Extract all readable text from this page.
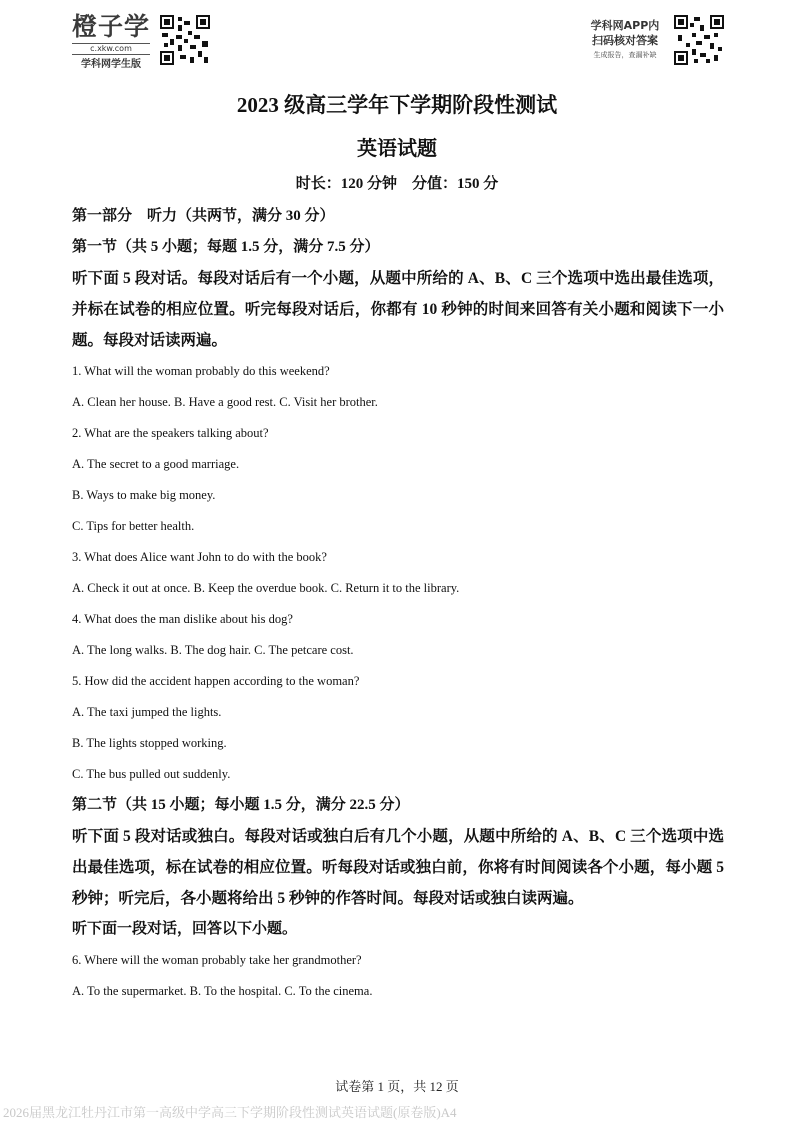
橙子学
c.xkw.com
学科网学生版
学科网APP内
扫码核对答案
生成报告，查漏补缺
2023 级高三学年下学期阶段性测试
英语试题
时长：120 分钟　分值：150 分
第一部分　听力（共两节，满分 30 分）
第一节（共 5 小题；每题 1.5 分，满分 7.5 分）
听下面 5 段对话。每段对话后有一个小题，从题中所给的 A、B、C 三个选项中选出最佳选项，并标在试卷的相应位置。听完每段对话后，你都有 10 秒钟的时间来回答有关小题和阅读下一小题。每段对话读两遍。
1. What will the woman probably do this weekend?
A. Clean her house. B. Have a good rest. C. Visit her brother.
2. What are the speakers talking about?
A. The secret to a good marriage.
B. Ways to make big money.
C. Tips for better health.
3. What does Alice want John to do with the book?
A. Check it out at once. B. Keep the overdue book. C. Return it to the library.
4. What does the man dislike about his dog?
A. The long walks. B. The dog hair. C. The petcare cost.
5. How did the accident happen according to the woman?
A. The taxi jumped the lights.
B. The lights stopped working.
C. The bus pulled out suddenly.
第二节（共 15 小题；每小题 1.5 分，满分 22.5 分）
听下面 5 段对话或独白。每段对话或独白后有几个小题，从题中所给的 A、B、C 三个选项中选出最佳选项，标在试卷的相应位置。听每段对话或独白前，你将有时间阅读各个小题，每小题 5 秒钟；听完后，各小题将给出 5 秒钟的作答时间。每段对话或独白读两遍。
听下面一段对话，回答以下小题。
6. Where will the woman probably take her grandmother?
A. To the supermarket. B. To the hospital. C. To the cinema.
试卷第 1 页，共 12 页
2026届黑龙江牡丹江市第一高级中学高三下学期阶段性测试英语试题(原卷版)A4
